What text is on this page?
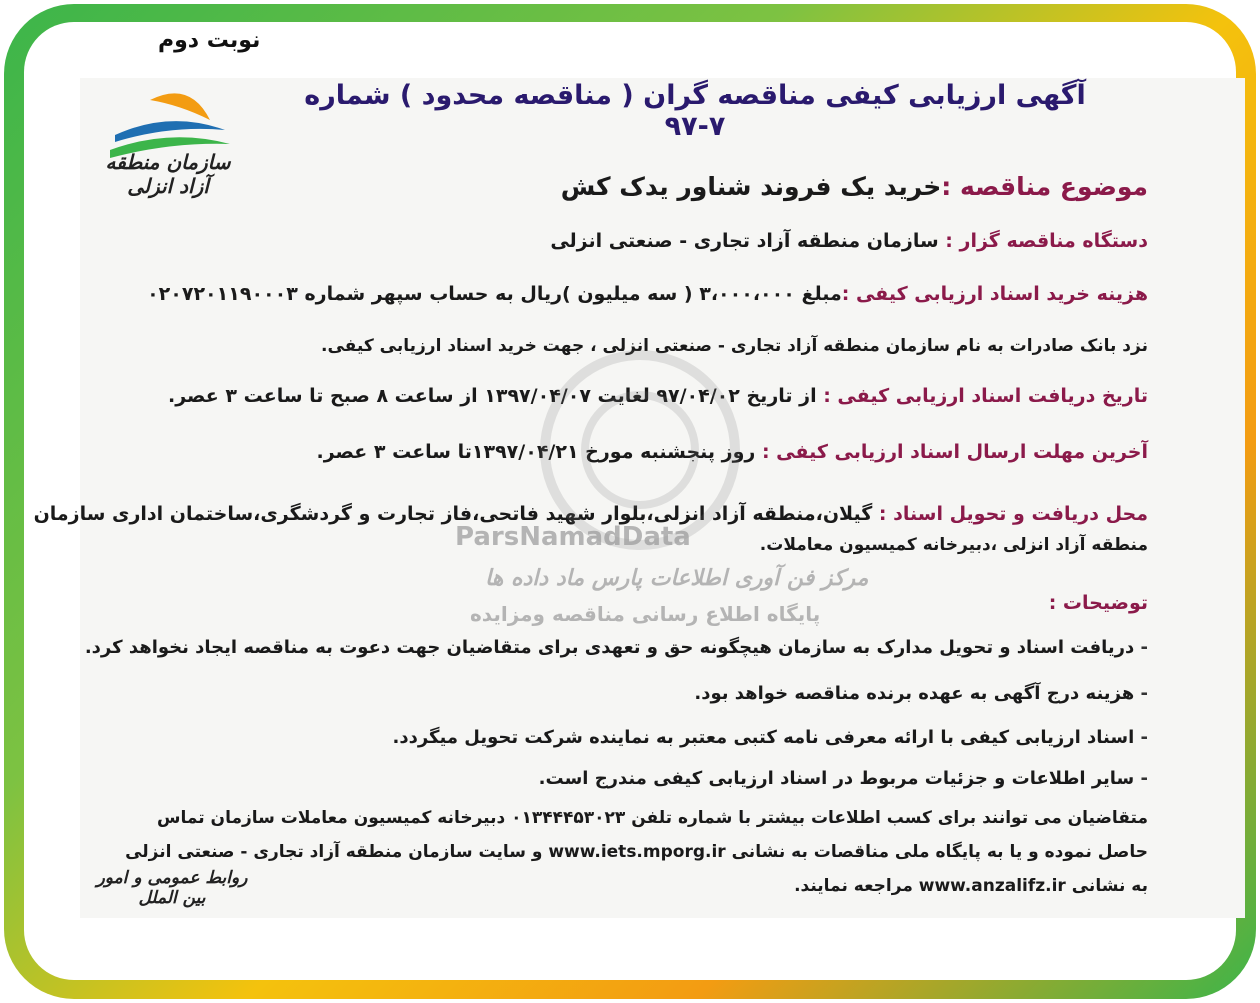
نوبت دوم
سازمان منطقه آزاد انزلی
آگهی ارزیابی کیفی مناقصه گران ( مناقصه محدود ) شماره ۷-۹۷
موضوع مناقصه :خرید یک فروند شناور یدک کش
دستگاه مناقصه گزار : سازمان منطقه آزاد تجاری - صنعتی انزلی
هزینه خرید اسناد ارزیابی کیفی :مبلغ ۳،۰۰۰،۰۰۰ ( سه میلیون )ریال به حساب سپهر شماره ۰۲۰۷۲۰۱۱۹۰۰۰۳
نزد بانک صادرات به نام سازمان منطقه آزاد تجاری - صنعتی انزلی ، جهت خرید اسناد ارزیابی کیفی.
تاریخ دریافت اسناد ارزیابی کیفی : از تاریخ ۹۷/۰۴/۰۲ لغایت ۱۳۹۷/۰۴/۰۷ از ساعت ۸ صبح تا ساعت ۳ عصر.
آخرین مهلت ارسال اسناد ارزیابی کیفی : روز پنجشنبه مورخ ۱۳۹۷/۰۴/۲۱تا ساعت ۳ عصر.
محل دریافت و تحویل اسناد : گیلان،منطقه آزاد انزلی،بلوار شهید فاتحی،فاز تجارت و گردشگری،ساختمان اداری سازمان
منطقه آزاد انزلی ،دبیرخانه کمیسیون معاملات.
توضیحات :
- دریافت اسناد و تحویل مدارک به سازمان هیچگونه حق و تعهدی برای متقاضیان جهت دعوت به مناقصه ایجاد نخواهد کرد.
- هزینه درج آگهی به عهده برنده مناقصه خواهد بود.
- اسناد ارزیابی کیفی با ارائه معرفی نامه کتبی معتبر به نماینده شرکت تحویل میگردد.
- سایر اطلاعات و جزئیات مربوط در اسناد ارزیابی کیفی مندرج است.
متقاضیان می توانند برای کسب اطلاعات بیشتر با شماره تلفن ۰۱۳۴۴۴۵۳۰۲۳ دبیرخانه کمیسیون معاملات سازمان تماس
حاصل نموده و یا به پایگاه ملی مناقصات به نشانی www.iets.mporg.ir و سایت سازمان منطقه آزاد تجاری - صنعتی انزلی
به نشانی www.anzalifz.ir مراجعه نمایند.
روابط عمومی و امور بین الملل
ParsNamadData
مرکز فن آوری اطلاعات پارس ماد داده ها
پایگاه اطلاع رسانی مناقصه ومزایده
